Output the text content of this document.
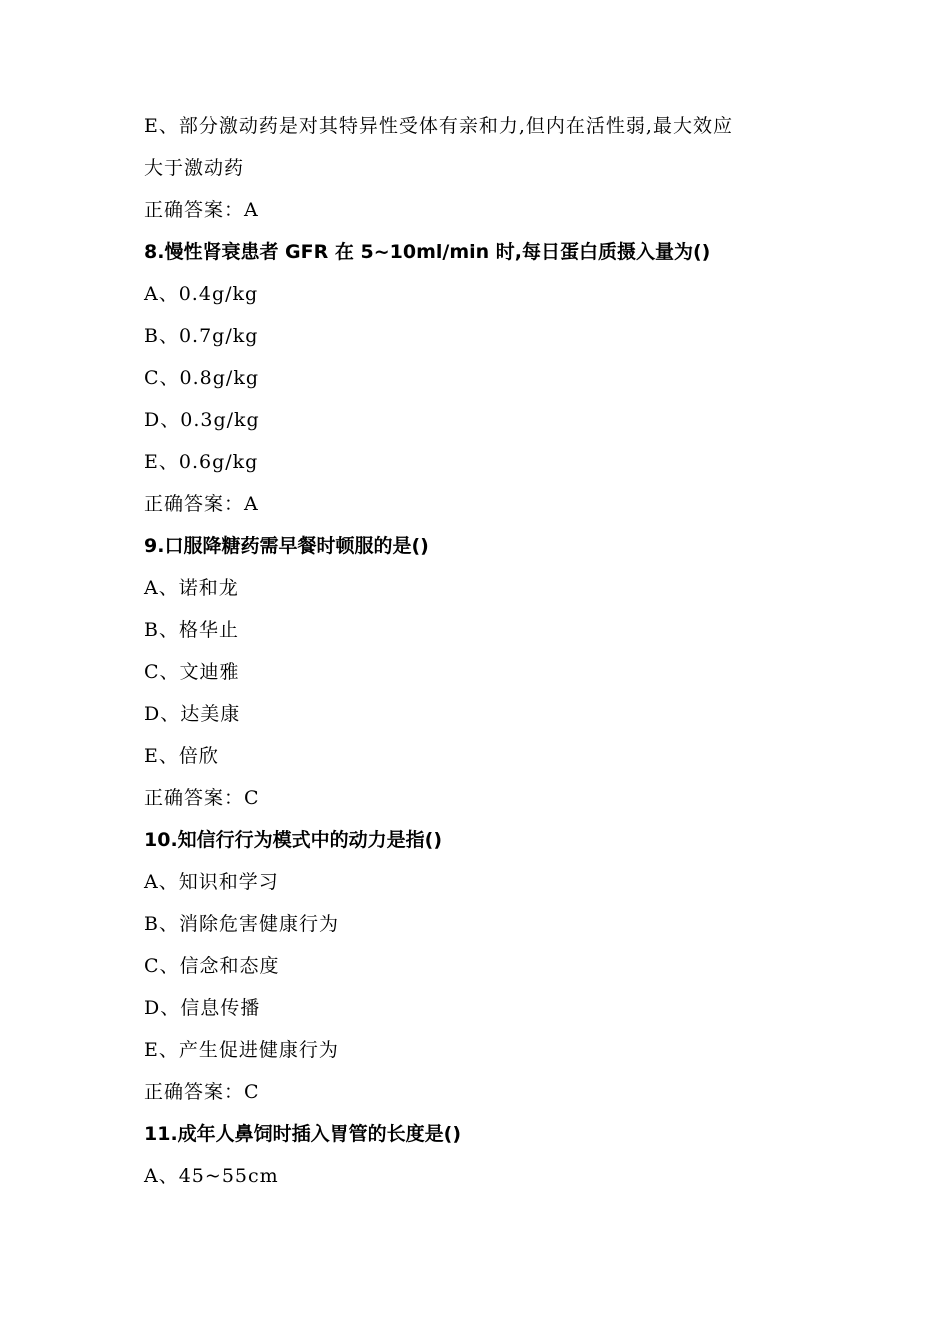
E、部分激动药是对其特异性受体有亲和力,但内在活性弱,最大效应
大于激动药
正确答案：A
8.慢性肾衰患者 GFR 在 5~10ml/min 时,每日蛋白质摄入量为()
A、0.4g/kg
B、0.7g/kg
C、0.8g/kg
D、0.3g/kg
E、0.6g/kg
正确答案：A
9.口服降糖药需早餐时顿服的是()
A、诺和龙
B、格华止
C、文迪雅
D、达美康
E、倍欣
正确答案：C
10.知信行行为模式中的动力是指()
A、知识和学习
B、消除危害健康行为
C、信念和态度
D、信息传播
E、产生促进健康行为
正确答案：C
11.成年人鼻饲时插入胃管的长度是()
A、45~55cm
